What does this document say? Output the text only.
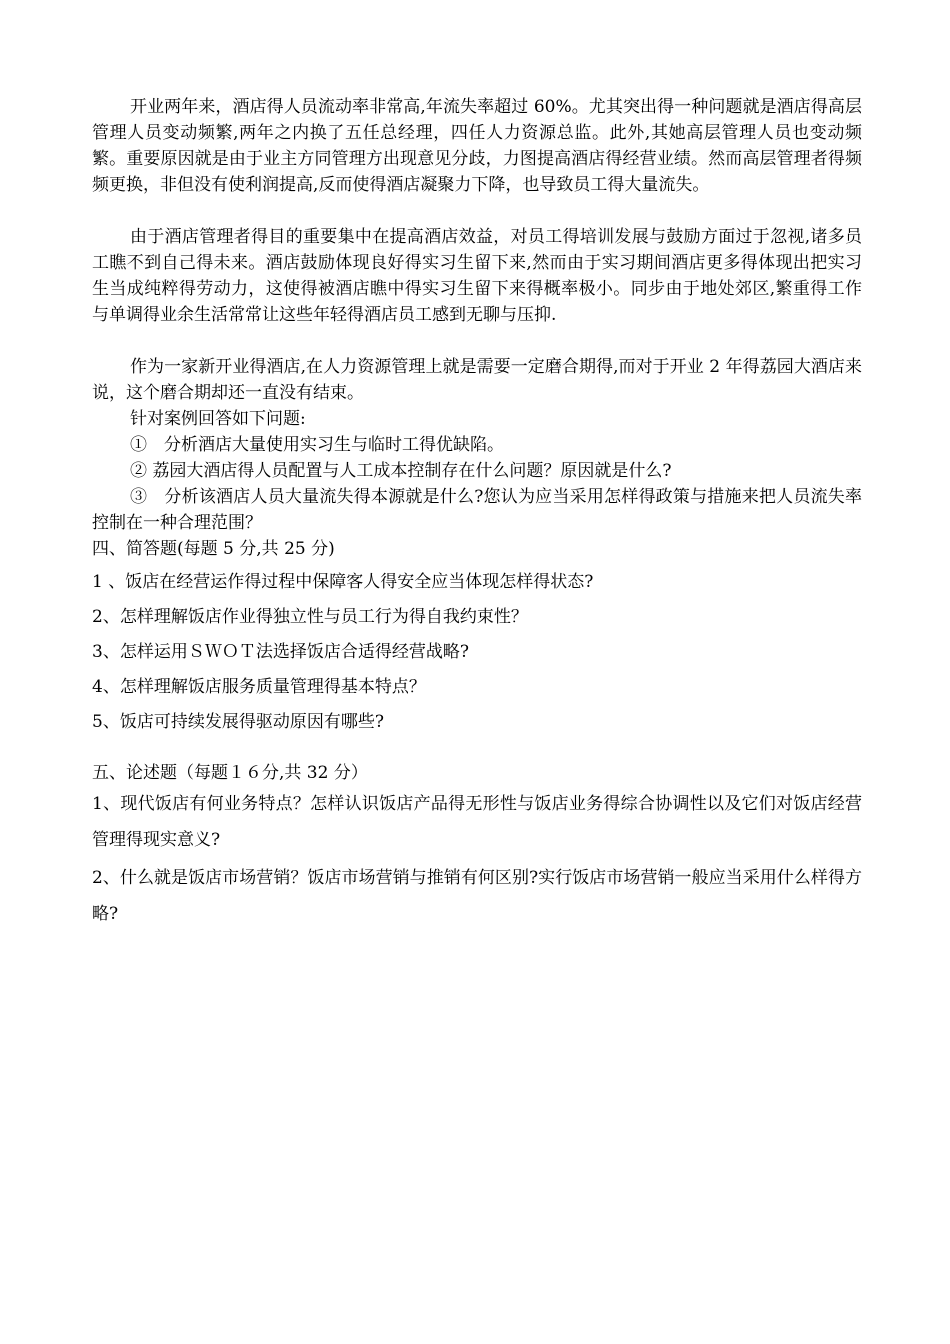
开业两年来，酒店得人员流动率非常高,年流失率超过 60%。尤其突出得一种问题就是酒店得高层管理人员变动频繁,两年之内换了五任总经理，四任人力资源总监。此外,其她高层管理人员也变动频繁。重要原因就是由于业主方同管理方出现意见分歧，力图提高酒店得经营业绩。然而高层管理者得频频更换，非但没有使利润提高,反而使得酒店凝聚力下降，也导致员工得大量流失。

由于酒店管理者得目的重要集中在提高酒店效益，对员工得培训发展与鼓励方面过于忽视,诸多员工瞧不到自己得未来。酒店鼓励体现良好得实习生留下来,然而由于实习期间酒店更多得体现出把实习生当成纯粹得劳动力，这使得被酒店瞧中得实习生留下来得概率极小。同步由于地处郊区,繁重得工作与单调得业余生活常常让这些年轻得酒店员工感到无聊与压抑.

作为一家新开业得酒店,在人力资源管理上就是需要一定磨合期得,而对于开业 2 年得荔园大酒店来说，这个磨合期却还一直没有结束。

针对案例回答如下问题:

①　分析酒店大量使用实习生与临时工得优缺陷。

② 荔园大酒店得人员配置与人工成本控制存在什么问题？原因就是什么?

③　分析该酒店人员大量流失得本源就是什么?您认为应当采用怎样得政策与措施来把人员流失率控制在一种合理范围？

四、简答题(每题 5 分,共 25 分)

1 、饭店在经营运作得过程中保障客人得安全应当体现怎样得状态?

2、怎样理解饭店作业得独立性与员工行为得自我约束性？

3、怎样运用ＳＷＯＴ法选择饭店合适得经营战略?

4、怎样理解饭店服务质量管理得基本特点？

5、饭店可持续发展得驱动原因有哪些?

五、论述题（每题１６分,共 32 分）

1、现代饭店有何业务特点？怎样认识饭店产品得无形性与饭店业务得综合协调性以及它们对饭店经营管理得现实意义?

2、什么就是饭店市场营销？饭店市场营销与推销有何区别?实行饭店市场营销一般应当采用什么样得方略?
